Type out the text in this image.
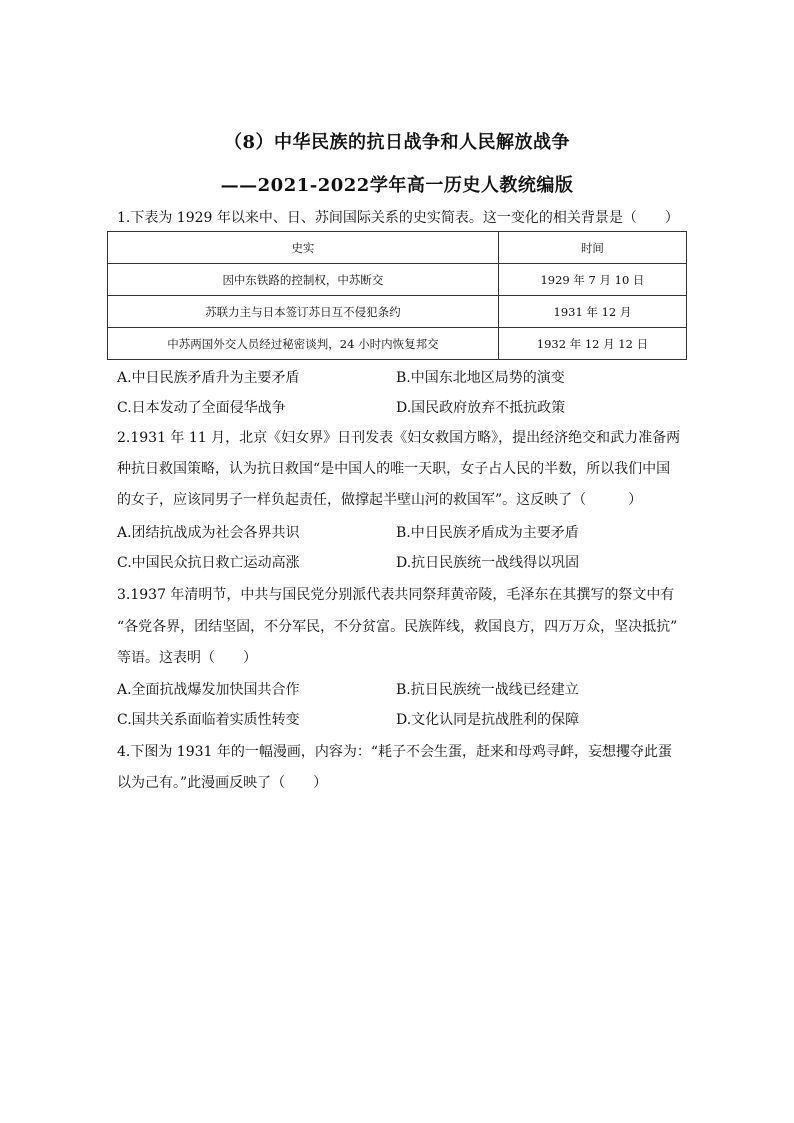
（8）中华民族的抗日战争和人民解放战争
——2021-2022学年高一历史人教统编版
1.下表为 1929 年以来中、日、苏间国际关系的史实简表。这一变化的相关背景是（　　）
史实	时间
因中东铁路的控制权，中苏断交	1929 年 7 月 10 日
苏联力主与日本签订苏日互不侵犯条约	1931 年 12 月
中苏两国外交人员经过秘密谈判，24 小时内恢复邦交	1932 年 12 月 12 日
A.中日民族矛盾升为主要矛盾	B.中国东北地区局势的演变
C.日本发动了全面侵华战争	D.国民政府放弃不抵抗政策
2.1931 年 11 月，北京《妇女界》日刊发表《妇女救国方略》，提出经济绝交和武力准备两
种抗日救国策略，认为抗日救国“是中国人的唯一天职，女子占人民的半数，所以我们中国
的女子，应该同男子一样负起责任，做撑起半壁山河的救国军”。这反映了（　　　）
A.团结抗战成为社会各界共识	B.中日民族矛盾成为主要矛盾
C.中国民众抗日救亡运动高涨	D.抗日民族统一战线得以巩固
3.1937 年清明节，中共与国民党分别派代表共同祭拜黄帝陵，毛泽东在其撰写的祭文中有
“各党各界，团结坚固，不分军民，不分贫富。民族阵线，救国良方，四万万众，坚决抵抗”
等语。这表明（　　）
A.全面抗战爆发加快国共合作	B.抗日民族统一战线已经建立
C.国共关系面临着实质性转变	D.文化认同是抗战胜利的保障
4.下图为 1931 年的一幅漫画，内容为：“耗子不会生蛋，赶来和母鸡寻衅，妄想攫夺此蛋
以为己有。”此漫画反映了（　　）
